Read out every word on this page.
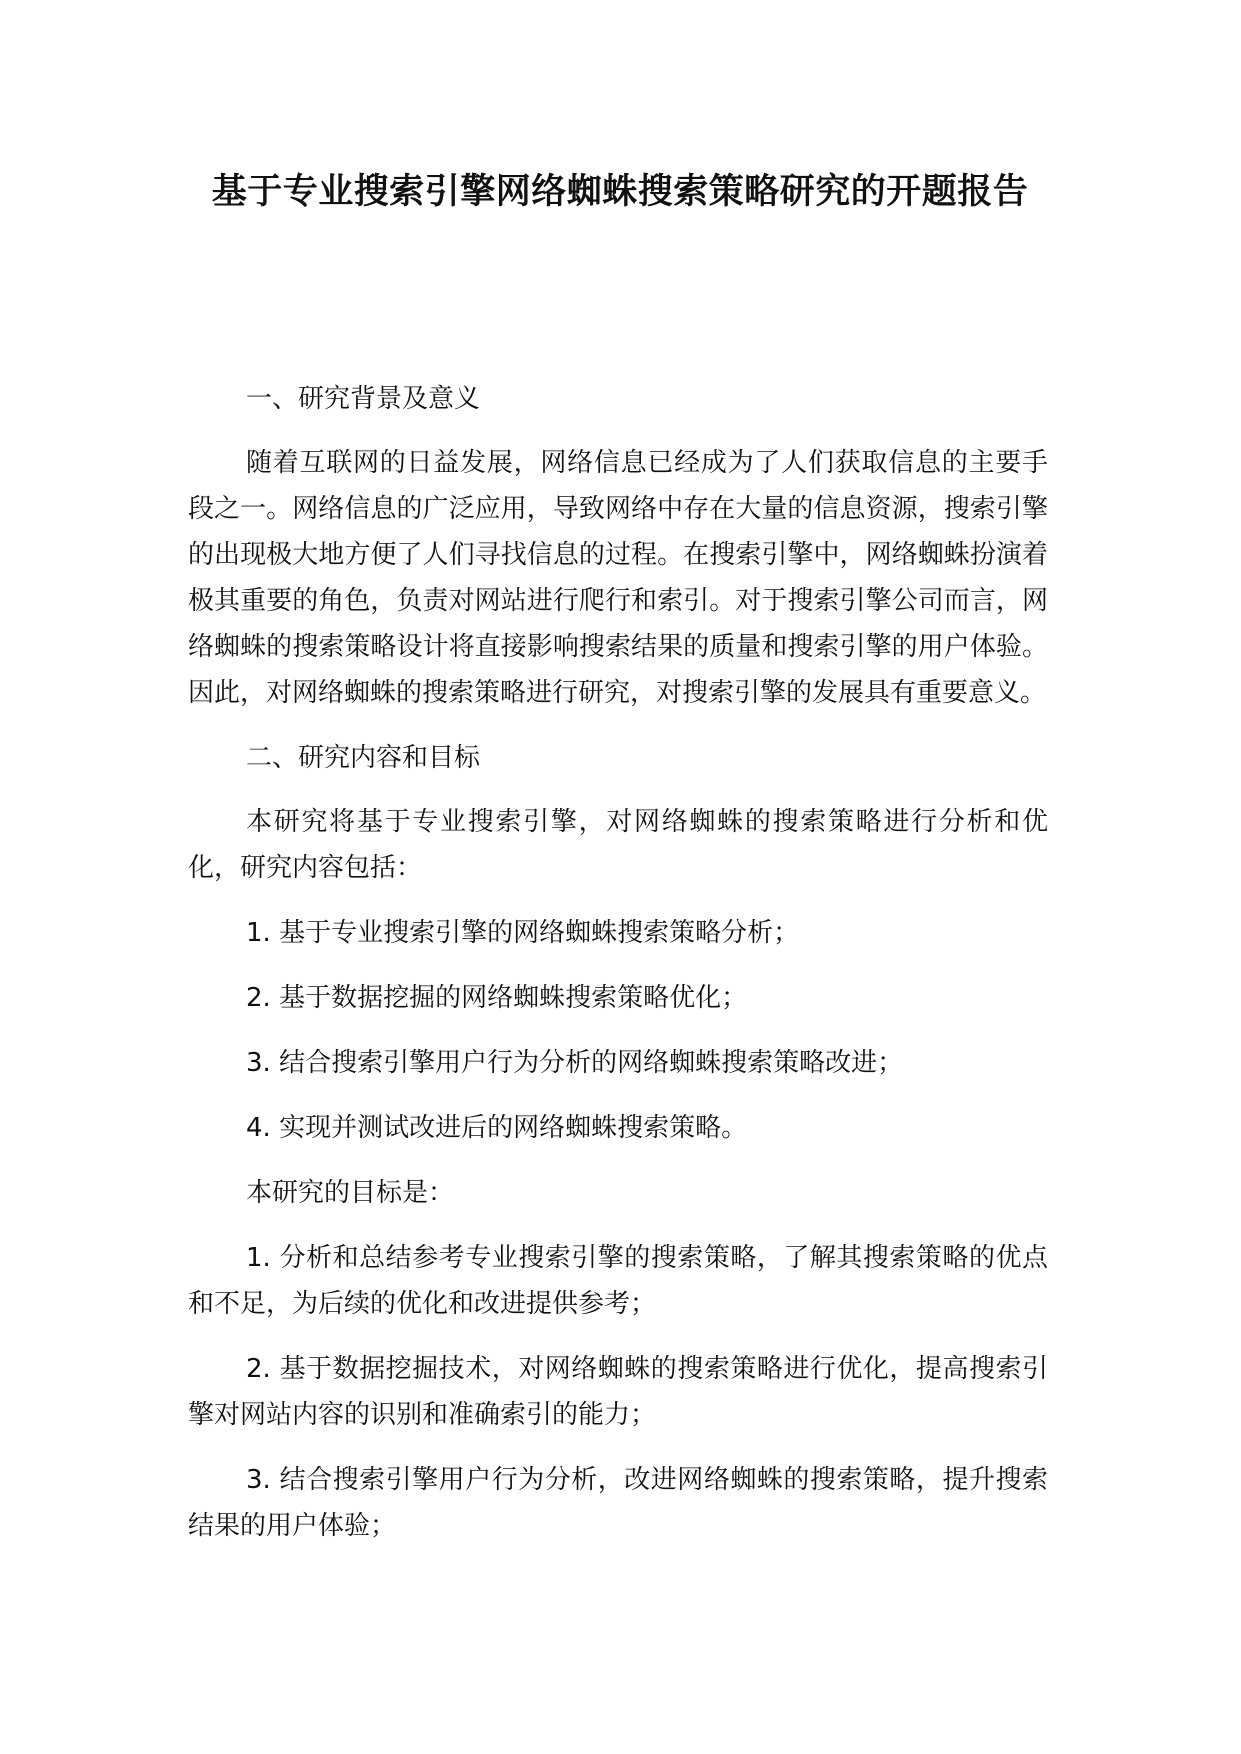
基于专业搜索引擎网络蜘蛛搜索策略研究的开题报告

一、研究背景及意义

随着互联网的日益发展，网络信息已经成为了人们获取信息的主要手段之一。网络信息的广泛应用，导致网络中存在大量的信息资源，搜索引擎的出现极大地方便了人们寻找信息的过程。在搜索引擎中，网络蜘蛛扮演着极其重要的角色，负责对网站进行爬行和索引。对于搜索引擎公司而言，网络蜘蛛的搜索策略设计将直接影响搜索结果的质量和搜索引擎的用户体验。因此，对网络蜘蛛的搜索策略进行研究，对搜索引擎的发展具有重要意义。

二、研究内容和目标

本研究将基于专业搜索引擎，对网络蜘蛛的搜索策略进行分析和优化，研究内容包括：

1. 基于专业搜索引擎的网络蜘蛛搜索策略分析；

2. 基于数据挖掘的网络蜘蛛搜索策略优化；

3. 结合搜索引擎用户行为分析的网络蜘蛛搜索策略改进；

4. 实现并测试改进后的网络蜘蛛搜索策略。

本研究的目标是：

1. 分析和总结参考专业搜索引擎的搜索策略，了解其搜索策略的优点和不足，为后续的优化和改进提供参考；

2. 基于数据挖掘技术，对网络蜘蛛的搜索策略进行优化，提高搜索引擎对网站内容的识别和准确索引的能力；

3. 结合搜索引擎用户行为分析，改进网络蜘蛛的搜索策略，提升搜索结果的用户体验；
